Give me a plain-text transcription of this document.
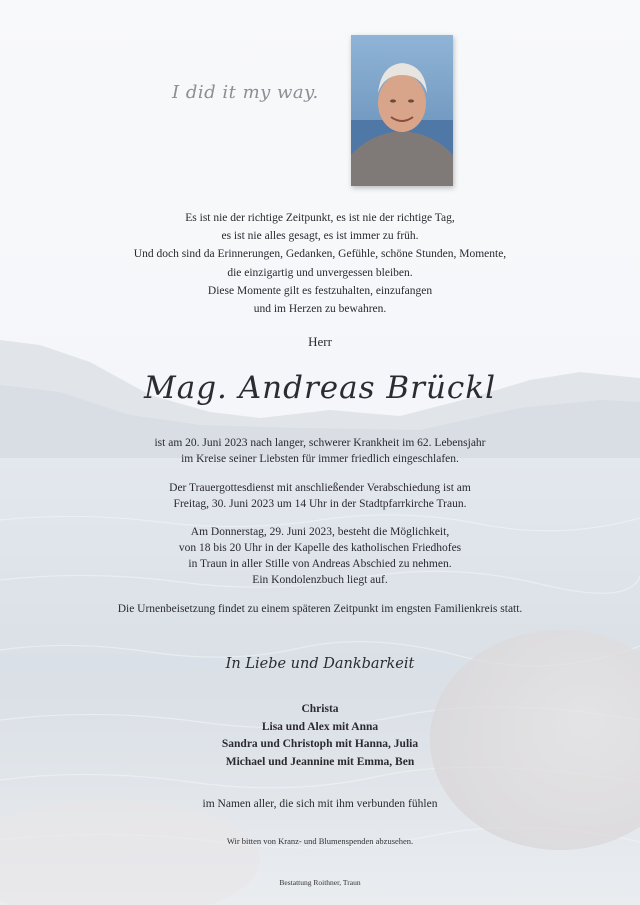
I did it my way.
Es ist nie der richtige Zeitpunkt, es ist nie der richtige Tag,
es ist nie alles gesagt, es ist immer zu früh.
Und doch sind da Erinnerungen, Gedanken, Gefühle, schöne Stunden, Momente,
die einzigartig und unvergessen bleiben.
Diese Momente gilt es festzuhalten, einzufangen
und im Herzen zu bewahren.
Herr
Mag. Andreas Brückl
ist am 20. Juni 2023 nach langer, schwerer Krankheit im 62. Lebensjahr
im Kreise seiner Liebsten für immer friedlich eingeschlafen.
Der Trauergottesdienst mit anschließender Verabschiedung ist am
Freitag, 30. Juni 2023 um 14 Uhr in der Stadtpfarrkirche Traun.
Am Donnerstag, 29. Juni 2023, besteht die Möglichkeit,
von 18 bis 20 Uhr in der Kapelle des katholischen Friedhofes
in Traun in aller Stille von Andreas Abschied zu nehmen.
Ein Kondolenzbuch liegt auf.
Die Urnenbeisetzung findet zu einem späteren Zeitpunkt im engsten Familienkreis statt.
In Liebe und Dankbarkeit
Christa
Lisa und Alex mit Anna
Sandra und Christoph mit Hanna, Julia
Michael und Jeannine mit Emma, Ben
im Namen aller, die sich mit ihm verbunden fühlen
Wir bitten von Kranz- und Blumenspenden abzusehen.
Bestattung Roithner, Traun
